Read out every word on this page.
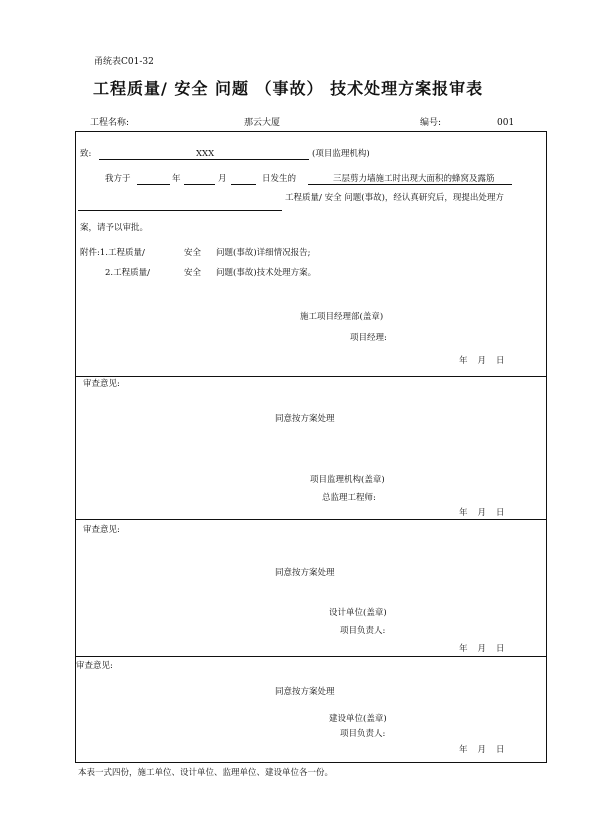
甬统表C01-32
工程质量/ 安全 问题 （事故） 技术处理方案报审表
工程名称:	那云大厦	编号:	001
致:	XXX	(项目监理机构)
我方于	年	月	日发生的	三层剪力墙施工时出现大面积的蜂窝及露筋
工程质量/ 安全 问题(事故)，经认真研究后，现提出处理方
案，请予以审批。
附件:1.工程质量/	安全 问题(事故)详细情况报告;
2.工程质量/	安全 问题(事故)技术处理方案。
施工项目经理部(盖章)
项目经理:
年 月 日
审查意见:
同意按方案处理
项目监理机构(盖章)
总监理工程师:
年 月 日
审查意见:
同意按方案处理
设计单位(盖章)
项目负责人:
年 月 日
审查意见:
同意按方案处理
建设单位(盖章)
项目负责人:
年 月 日
本表一式四份，施工单位、设计单位、监理单位、建设单位各一份。
